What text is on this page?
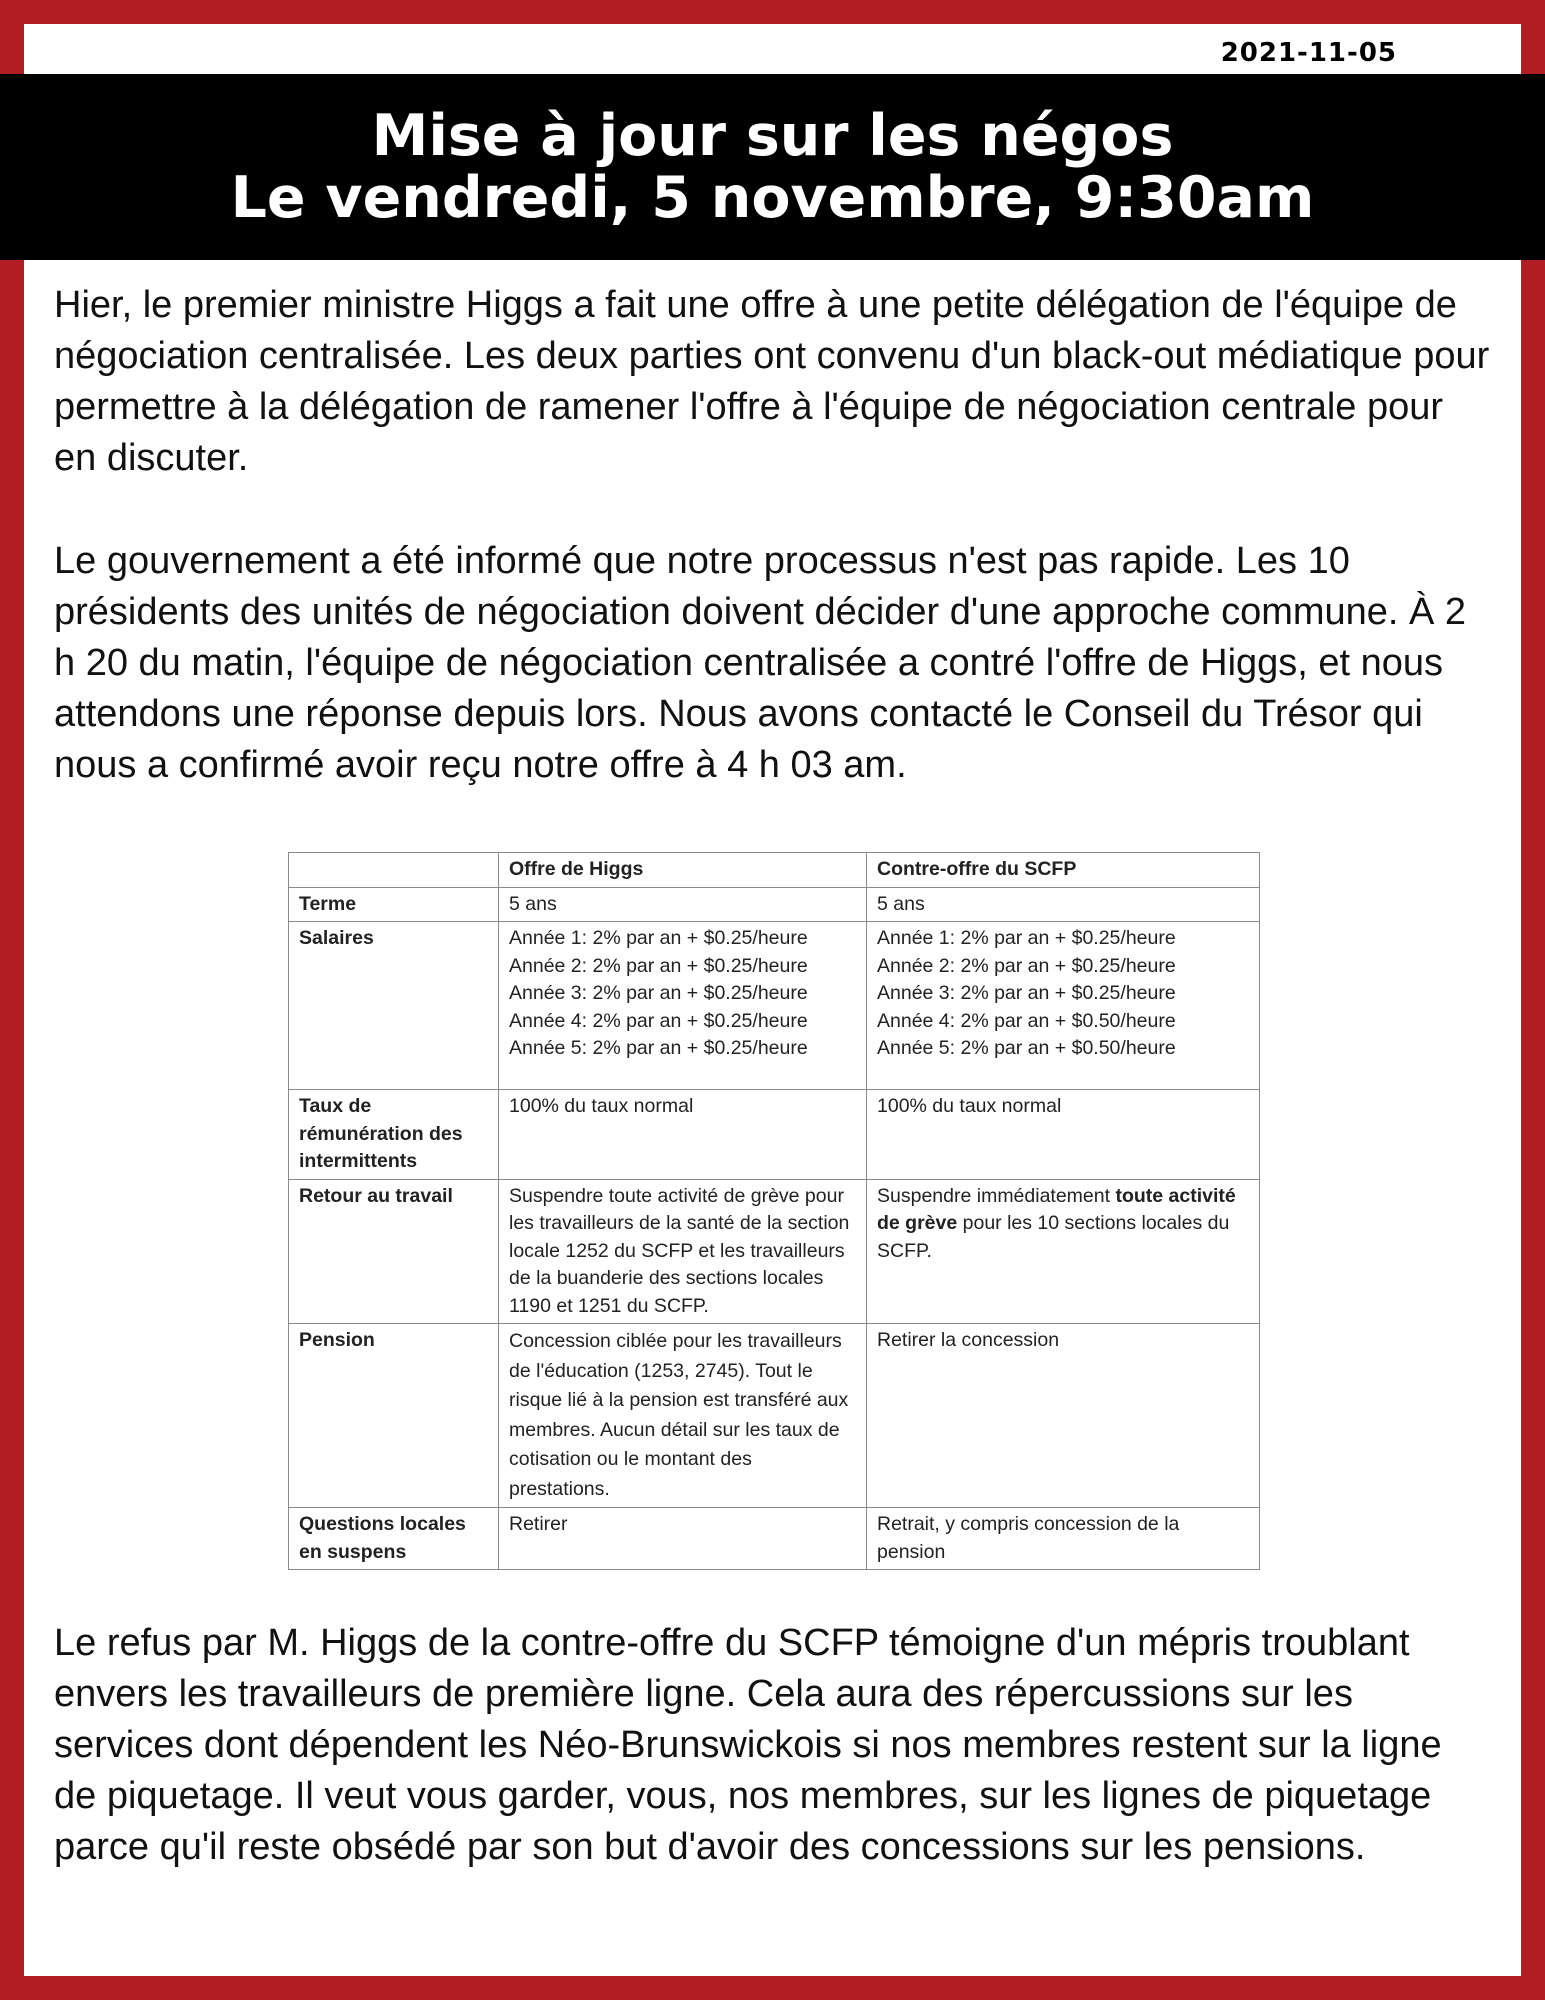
2021-11-05
Mise à jour sur les négos
Le vendredi, 5 novembre, 9:30am

Hier, le premier ministre Higgs a fait une offre à une petite délégation de l'équipe de négociation centralisée. Les deux parties ont convenu d'un black-out médiatique pour permettre à la délégation de ramener l'offre à l'équipe de négociation centrale pour en discuter.

Le gouvernement a été informé que notre processus n'est pas rapide. Les 10 présidents des unités de négociation doivent décider d'une approche commune. À 2 h 20 du matin, l'équipe de négociation centralisée a contré l'offre de Higgs, et nous attendons une réponse depuis lors. Nous avons contacté le Conseil du Trésor qui nous a confirmé avoir reçu notre offre à 4 h 03 am.

	Offre de Higgs	Contre-offre du SCFP
Terme	5 ans	5 ans
Salaires	Année 1: 2% par an + $0.25/heure
Année 2: 2% par an + $0.25/heure
Année 3: 2% par an + $0.25/heure
Année 4: 2% par an + $0.25/heure
Année 5: 2% par an + $0.25/heure	Année 1: 2% par an + $0.25/heure
Année 2: 2% par an + $0.25/heure
Année 3: 2% par an + $0.25/heure
Année 4: 2% par an + $0.50/heure
Année 5: 2% par an + $0.50/heure

Taux de rémunération des intermittents	100% du taux normal	100% du taux normal
Retour au travail	Suspendre toute activité de grève pour les travailleurs de la santé de la section locale 1252 du SCFP et les travailleurs de la buanderie des sections locales 1190 et 1251 du SCFP.	Suspendre immédiatement toute activité de grève pour les 10 sections locales du SCFP.
Pension	Concession ciblée pour les travailleurs de l'éducation (1253, 2745). Tout le risque lié à la pension est transféré aux membres. Aucun détail sur les taux de cotisation ou le montant des prestations.	Retirer la concession
Questions locales en suspens	Retirer	Retrait, y compris concession de la pension

Le refus par M. Higgs de la contre-offre du SCFP témoigne d'un mépris troublant envers les travailleurs de première ligne. Cela aura des répercussions sur les services dont dépendent les Néo-Brunswickois si nos membres restent sur la ligne de piquetage. Il veut vous garder, vous, nos membres, sur les lignes de piquetage parce qu'il reste obsédé par son but d'avoir des concessions sur les pensions.
